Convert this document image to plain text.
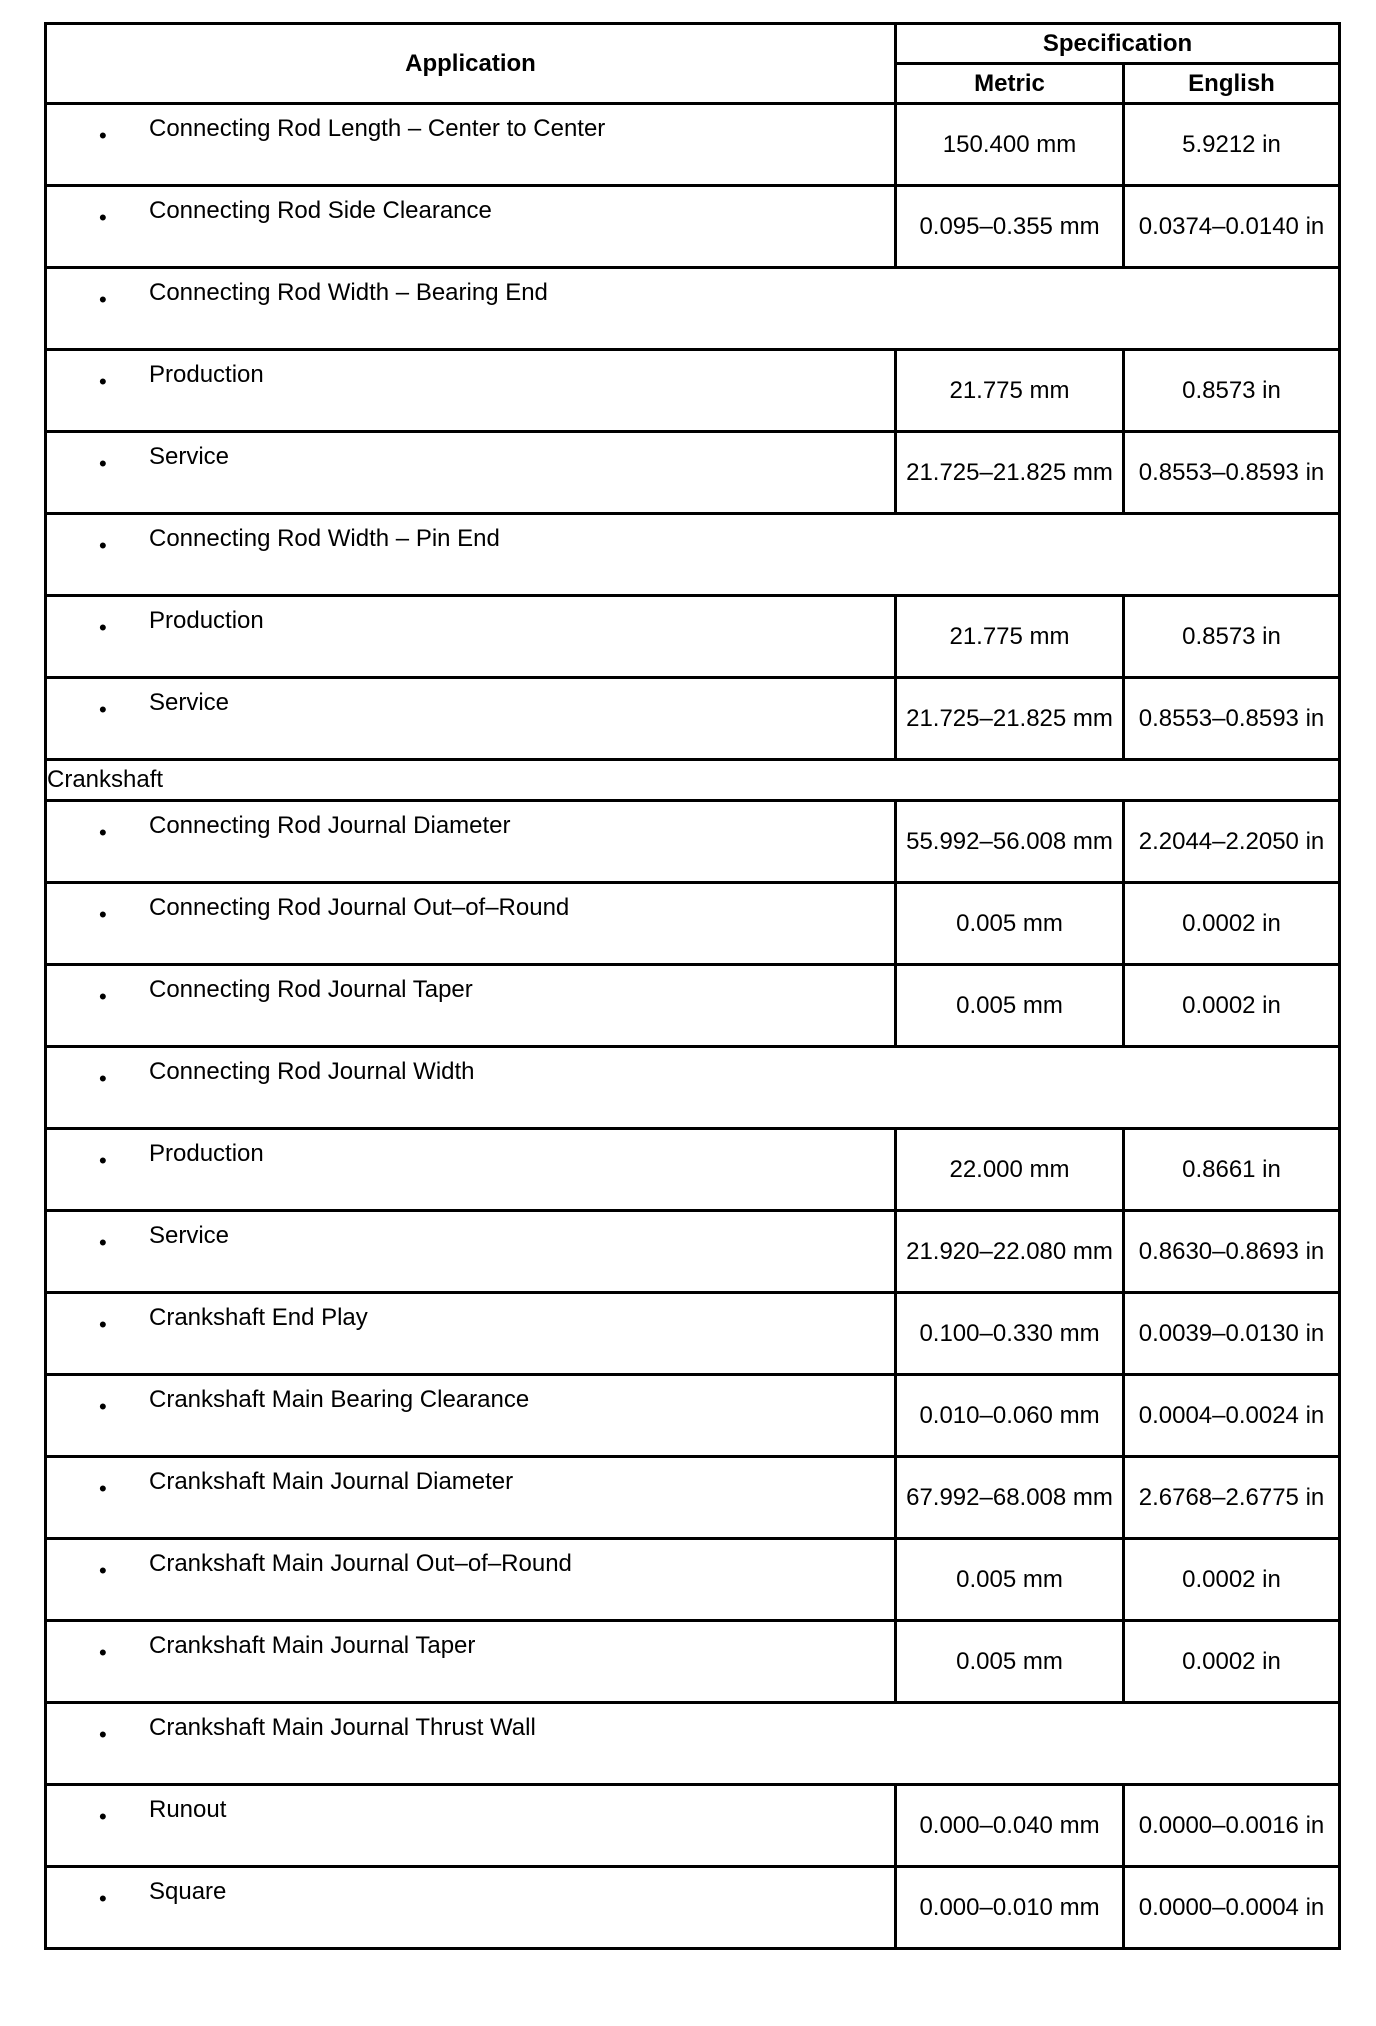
Application	Specification	
	Metric	English

• Connecting Rod Length – Center to Center	150.400 mm	5.9212 in

• Connecting Rod Side Clearance	0.095–0.355 mm	0.0374–0.0140 in

• Connecting Rod Width – Bearing End		

• Production	21.775 mm	0.8573 in

• Service	21.725–21.825 mm	0.8553–0.8593 in

• Connecting Rod Width – Pin End		

• Production	21.775 mm	0.8573 in

• Service	21.725–21.825 mm	0.8553–0.8593 in
Crankshaft		

• Connecting Rod Journal Diameter	55.992–56.008 mm	2.2044–2.2050 in

• Connecting Rod Journal Out–of–Round	0.005 mm	0.0002 in

• Connecting Rod Journal Taper	0.005 mm	0.0002 in

• Connecting Rod Journal Width		

• Production	22.000 mm	0.8661 in

• Service	21.920–22.080 mm	0.8630–0.8693 in

• Crankshaft End Play	0.100–0.330 mm	0.0039–0.0130 in

• Crankshaft Main Bearing Clearance	0.010–0.060 mm	0.0004–0.0024 in

• Crankshaft Main Journal Diameter	67.992–68.008 mm	2.6768–2.6775 in

• Crankshaft Main Journal Out–of–Round	0.005 mm	0.0002 in

• Crankshaft Main Journal Taper	0.005 mm	0.0002 in

• Crankshaft Main Journal Thrust Wall		

• Runout	0.000–0.040 mm	0.0000–0.0016 in

• Square	0.000–0.010 mm	0.0000–0.0004 in
